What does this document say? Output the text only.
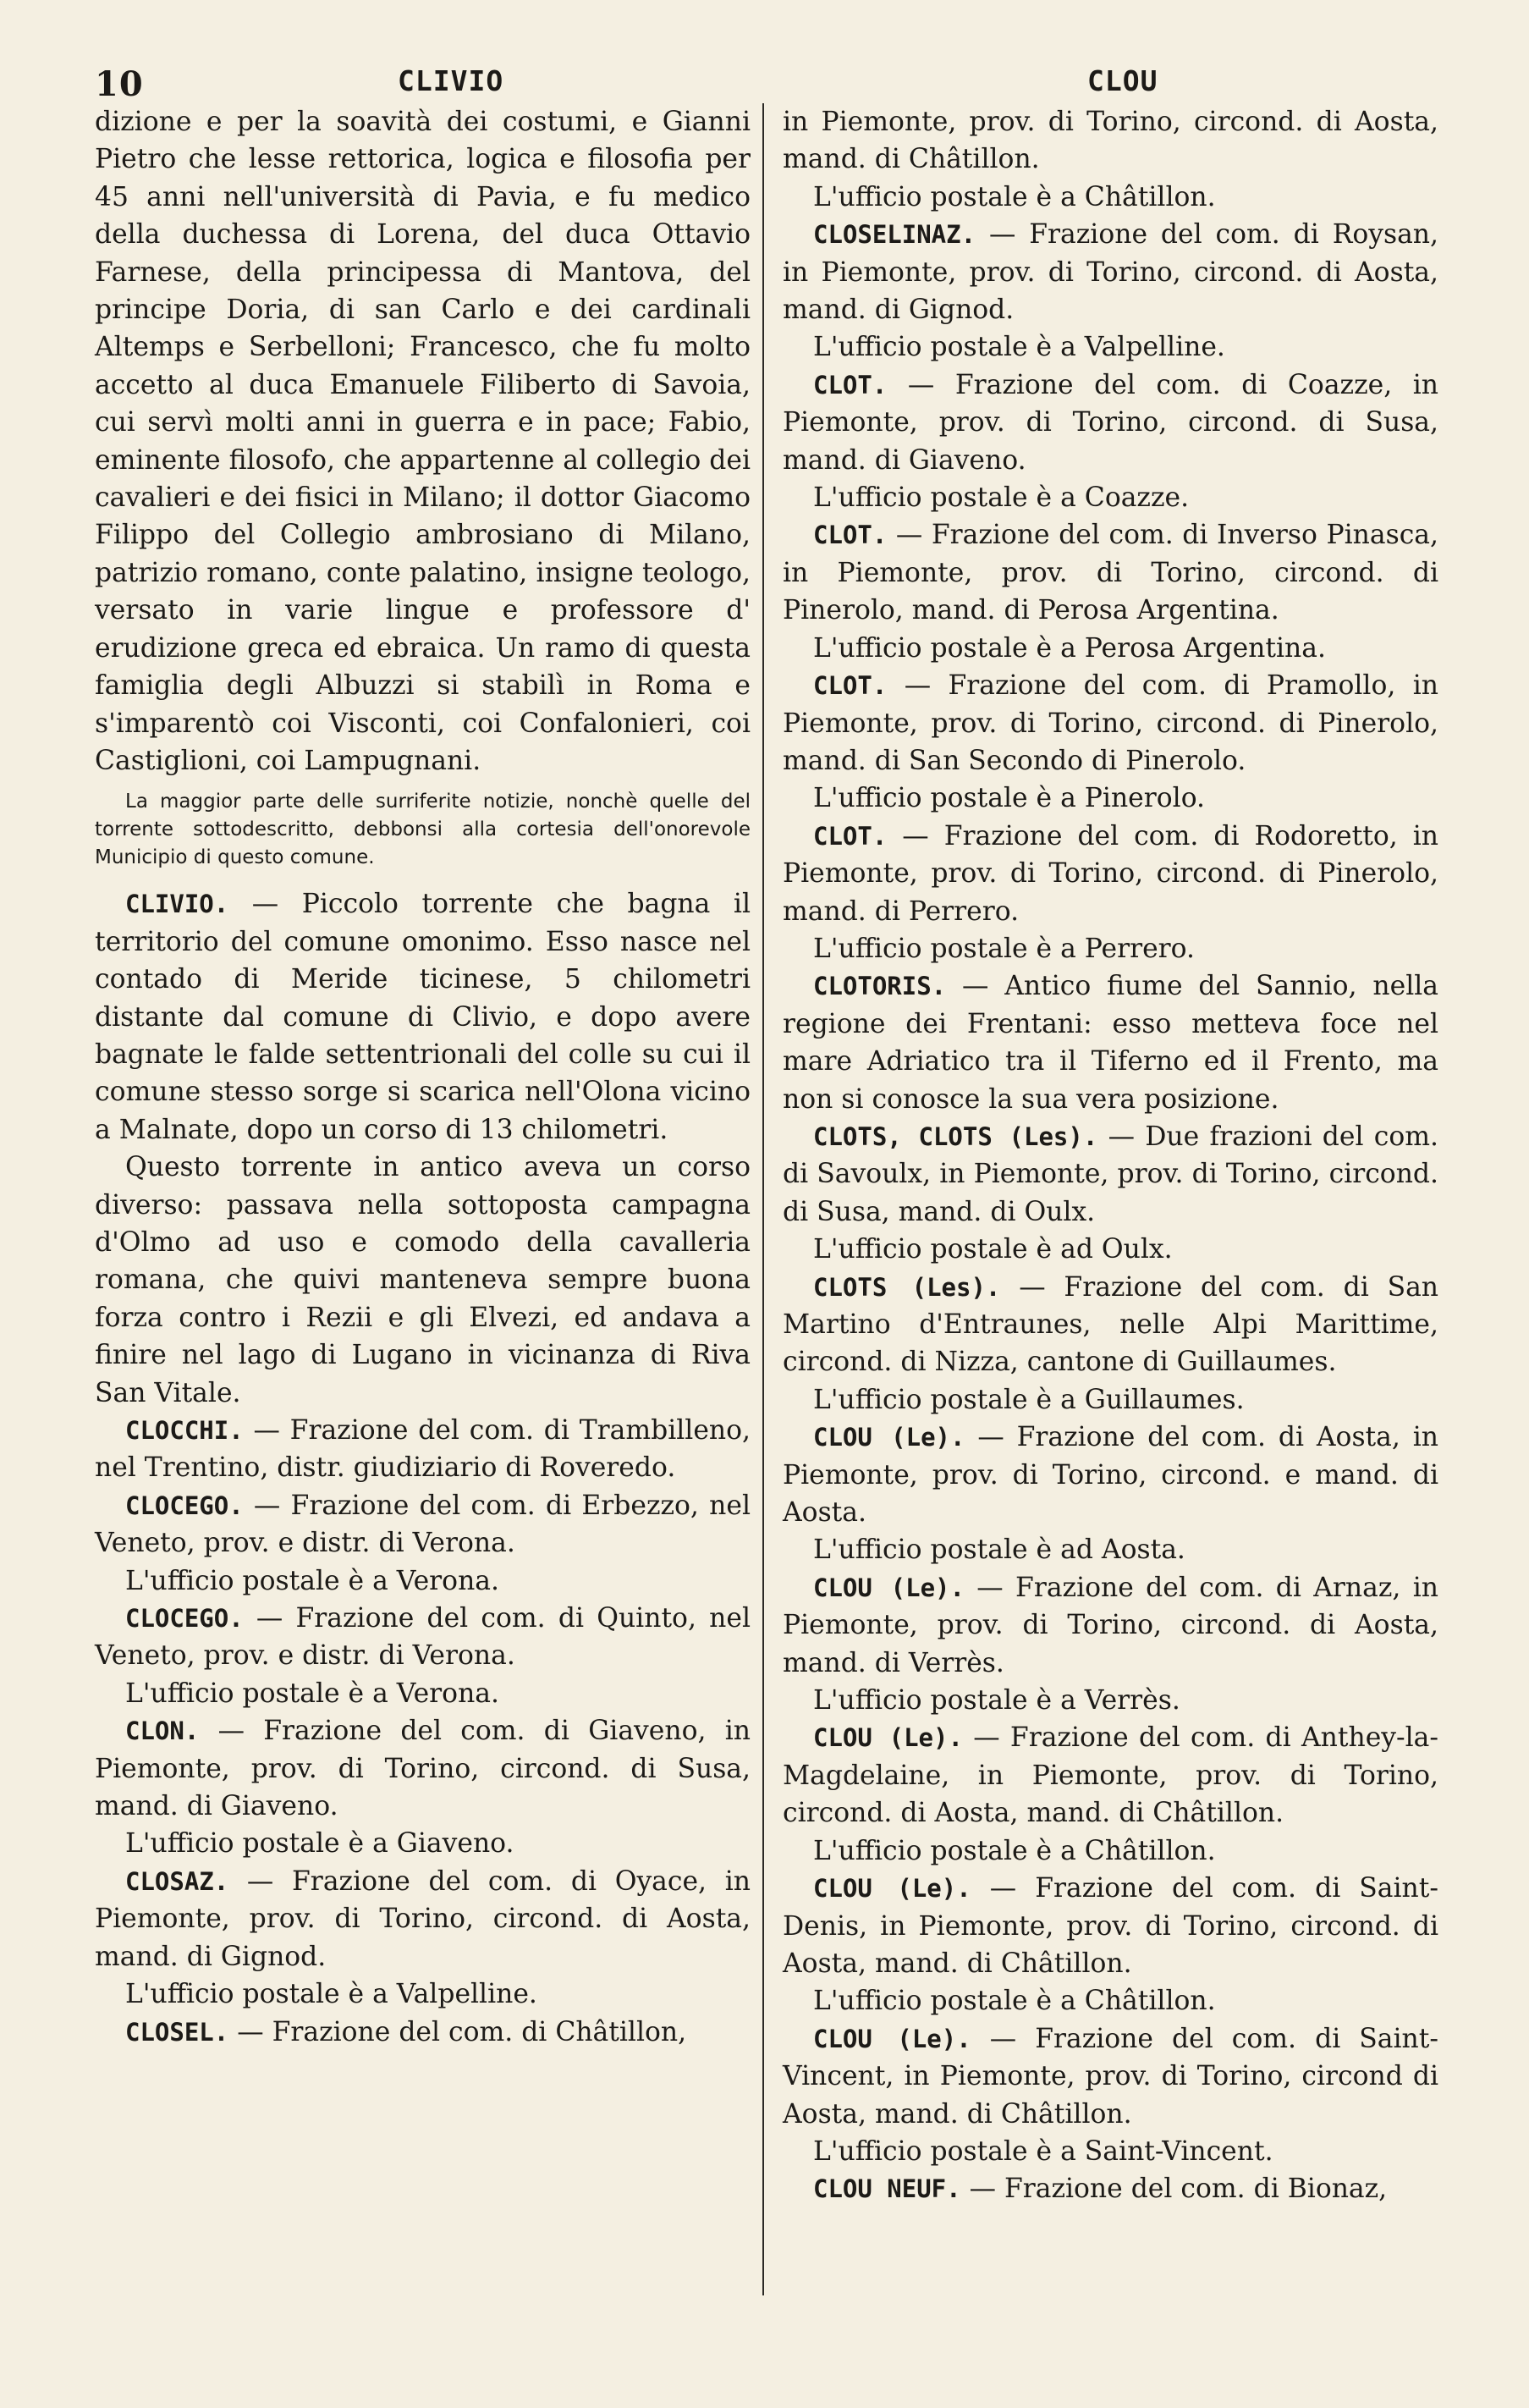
10	CLIVIO	CLOU

dizione e per la soavità dei costumi, e Gianni Pietro che lesse rettorica, logica e filosofia per 45 anni nell'università di Pavia, e fu medico della duchessa di Lorena, del duca Ottavio Farnese, della principessa di Mantova, del principe Doria, di san Carlo e dei cardinali Altemps e Serbelloni; Francesco, che fu molto accetto al duca Emanuele Filiberto di Savoia, cui servì molti anni in guerra e in pace; Fabio, eminente filosofo, che appartenne al collegio dei cavalieri e dei fisici in Milano; il dottor Giacomo Filippo del Collegio ambrosiano di Milano, patrizio romano, conte palatino, insigne teologo, versato in varie lingue e professore d' erudizione greca ed ebraica. Un ramo di questa famiglia degli Albuzzi si stabilì in Roma e s'imparentò coi Visconti, coi Confalonieri, coi Castiglioni, coi Lampugnani.

La maggior parte delle surriferite notizie, nonchè quelle del torrente sottodescritto, debbonsi alla cortesia dell'onorevole Municipio di questo comune.

CLIVIO. — Piccolo torrente che bagna il territorio del comune omonimo. Esso nasce nel contado di Meride ticinese, 5 chilometri distante dal comune di Clivio, e dopo avere bagnate le falde settentrionali del colle su cui il comune stesso sorge si scarica nell'Olona vicino a Malnate, dopo un corso di 13 chilometri.

Questo torrente in antico aveva un corso diverso: passava nella sottoposta campagna d'Olmo ad uso e comodo della cavalleria romana, che quivi manteneva sempre buona forza contro i Rezii e gli Elvezi, ed andava a finire nel lago di Lugano in vicinanza di Riva San Vitale.

CLOCCHI. — Frazione del com. di Trambilleno, nel Trentino, distr. giudiziario di Roveredo.

CLOCEGO. — Frazione del com. di Erbezzo, nel Veneto, prov. e distr. di Verona.

L'ufficio postale è a Verona.

CLOCEGO. — Frazione del com. di Quinto, nel Veneto, prov. e distr. di Verona.

L'ufficio postale è a Verona.

CLON. — Frazione del com. di Giaveno, in Piemonte, prov. di Torino, circond. di Susa, mand. di Giaveno.

L'ufficio postale è a Giaveno.

CLOSAZ. — Frazione del com. di Oyace, in Piemonte, prov. di Torino, circond. di Aosta, mand. di Gignod.

L'ufficio postale è a Valpelline.

CLOSEL. — Frazione del com. di Châtillon,

in Piemonte, prov. di Torino, circond. di Aosta, mand. di Châtillon.

L'ufficio postale è a Châtillon.

CLOSELINAZ. — Frazione del com. di Roysan, in Piemonte, prov. di Torino, circond. di Aosta, mand. di Gignod.

L'ufficio postale è a Valpelline.

CLOT. — Frazione del com. di Coazze, in Piemonte, prov. di Torino, circond. di Susa, mand. di Giaveno.

L'ufficio postale è a Coazze.

CLOT. — Frazione del com. di Inverso Pinasca, in Piemonte, prov. di Torino, circond. di Pinerolo, mand. di Perosa Argentina.

L'ufficio postale è a Perosa Argentina.

CLOT. — Frazione del com. di Pramollo, in Piemonte, prov. di Torino, circond. di Pinerolo, mand. di San Secondo di Pinerolo.

L'ufficio postale è a Pinerolo.

CLOT. — Frazione del com. di Rodoretto, in Piemonte, prov. di Torino, circond. di Pinerolo, mand. di Perrero.

L'ufficio postale è a Perrero.

CLOTORIS. — Antico fiume del Sannio, nella regione dei Frentani: esso metteva foce nel mare Adriatico tra il Tiferno ed il Frento, ma non si conosce la sua vera posizione.

CLOTS, CLOTS (Les). — Due frazioni del com. di Savoulx, in Piemonte, prov. di Torino, circond. di Susa, mand. di Oulx.

L'ufficio postale è ad Oulx.

CLOTS (Les). — Frazione del com. di San Martino d'Entraunes, nelle Alpi Marittime, circond. di Nizza, cantone di Guillaumes.

L'ufficio postale è a Guillaumes.

CLOU (Le). — Frazione del com. di Aosta, in Piemonte, prov. di Torino, circond. e mand. di Aosta.

L'ufficio postale è ad Aosta.

CLOU (Le). — Frazione del com. di Arnaz, in Piemonte, prov. di Torino, circond. di Aosta, mand. di Verrès.

L'ufficio postale è a Verrès.

CLOU (Le). — Frazione del com. di Anthey-la-Magdelaine, in Piemonte, prov. di Torino, circond. di Aosta, mand. di Châtillon.

L'ufficio postale è a Châtillon.

CLOU (Le). — Frazione del com. di Saint-Denis, in Piemonte, prov. di Torino, circond. di Aosta, mand. di Châtillon.

L'ufficio postale è a Châtillon.

CLOU (Le). — Frazione del com. di Saint-Vincent, in Piemonte, prov. di Torino, circond di Aosta, mand. di Châtillon.

L'ufficio postale è a Saint-Vincent.

CLOU NEUF. — Frazione del com. di Bionaz,
